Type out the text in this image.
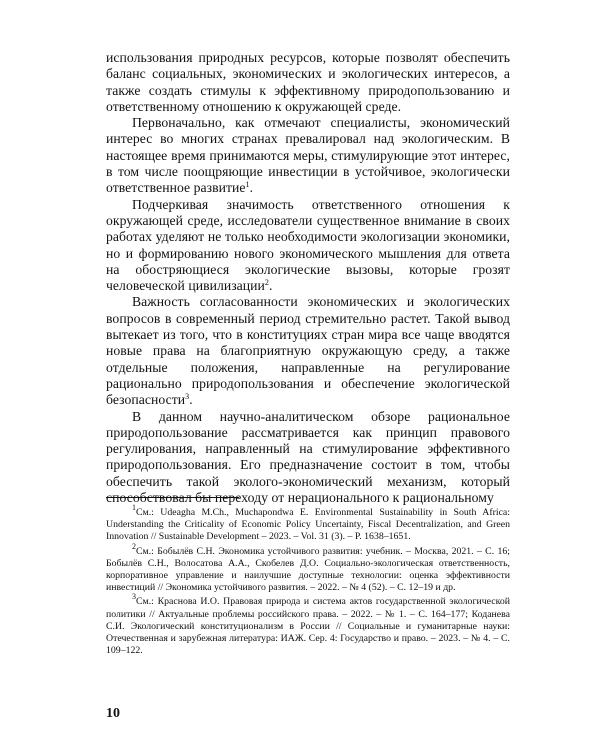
использования природных ресурсов, которые позволят обеспечить баланс социальных, экономических и экологических интересов, а также создать стимулы к эффективному природопользованию и ответственному отношению к окружающей среде.

Первоначально, как отмечают специалисты, экономический интерес во многих странах превалировал над экологическим. В настоящее время принимаются меры, стимулирующие этот интерес, в том числе поощряющие инвестиции в устойчивое, экологически ответственное развитие$^1$.

Подчеркивая значимость ответственного отношения к окружающей среде, исследователи существенное внимание в своих работах уделяют не только необходимости экологизации экономики, но и формированию нового экономического мышления для ответа на обостряющиеся экологические вызовы, которые грозят человеческой цивилизации$^2$.

Важность согласованности экономических и экологических вопросов в современный период стремительно растет. Такой вывод вытекает из того, что в конституциях стран мира все чаще вводятся новые права на благоприятную окружающую среду, а также отдельные положения, направленные на регулирование рационально природопользования и обеспечение экологической безопасности$^3$.

В данном научно-аналитическом обзоре рациональное природопользование рассматривается как принцип правового регулирования, направленный на стимулирование эффективного природопользования. Его предназначение состоит в том, чтобы обеспечить такой эколого-экономический механизм, который способствовал бы переходу от нерационального к рациональному

$^1$См.: Udeagha M.Ch., Muchapondwa E. Environmental Sustainability in South Africa: Understanding the Criticality of Economic Policy Uncertainty, Fiscal Decentralization, and Green Innovation // Sustainable Development – 2023. – Vol. 31 (3). – P. 1638–1651.

$^2$См.: Бобылёв С.Н. Экономика устойчивого развития: учебник. – Москва, 2021. – С. 16; Бобылёв С.Н., Волосатова А.А., Скобелев Д.О. Социально-экологическая ответственность, корпоративное управление и наилучшие доступные технологии: оценка эффективности инвестиций // Экономика устойчивого развития. – 2022. – № 4 (52). – С. 12–19 и др.

$^3$См.: Краснова И.О. Правовая природа и система актов государственной экологической политики // Актуальные проблемы российского права. – 2022. – № 1. – С. 164–177; Коданева С.И. Экологический конституционализм в России // Социальные и гуманитарные науки: Отечественная и зарубежная литература: ИАЖ. Сер. 4: Государство и право. – 2023. – № 4. – С. 109–122.

10
